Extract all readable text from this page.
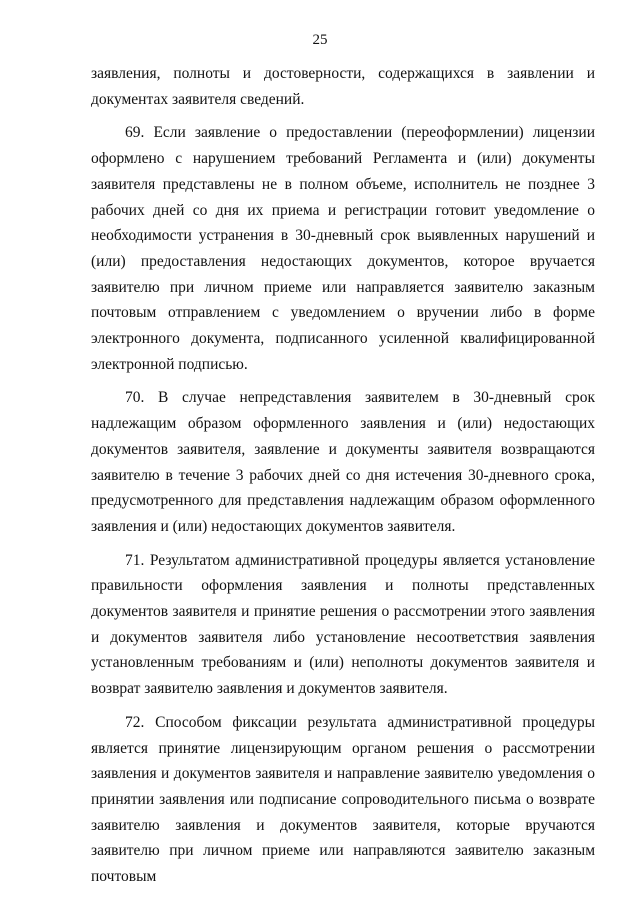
25

заявления, полноты и достоверности, содержащихся в заявлении и документах заявителя сведений.

69. Если заявление о предоставлении (переоформлении) лицензии оформлено с нарушением требований Регламента и (или) документы заявителя представлены не в полном объеме, исполнитель не позднее 3 рабочих дней со дня их приема и регистрации готовит уведомление о необходимости устранения в 30-дневный срок выявленных нарушений и (или) предоставления недостающих документов, которое вручается заявителю при личном приеме или направляется заявителю заказным почтовым отправлением с уведомлением о вручении либо в форме электронного документа, подписанного усиленной квалифицированной электронной подписью.

70. В случае непредставления заявителем в 30-дневный срок надлежащим образом оформленного заявления и (или) недостающих документов заявителя, заявление и документы заявителя возвращаются заявителю в течение 3 рабочих дней со дня истечения 30-дневного срока, предусмотренного для представления надлежащим образом оформленного заявления и (или) недостающих документов заявителя.

71. Результатом административной процедуры является установление правильности оформления заявления и полноты представленных документов заявителя и принятие решения о рассмотрении этого заявления и документов заявителя либо установление несоответствия заявления установленным требованиям и (или) неполноты документов заявителя и возврат заявителю заявления и документов заявителя.

72. Способом фиксации результата административной процедуры является принятие лицензирующим органом решения о рассмотрении заявления и документов заявителя и направление заявителю уведомления о принятии заявления или подписание сопроводительного письма о возврате заявителю заявления и документов заявителя, которые вручаются заявителю при личном приеме или направляются заявителю заказным почтовым
